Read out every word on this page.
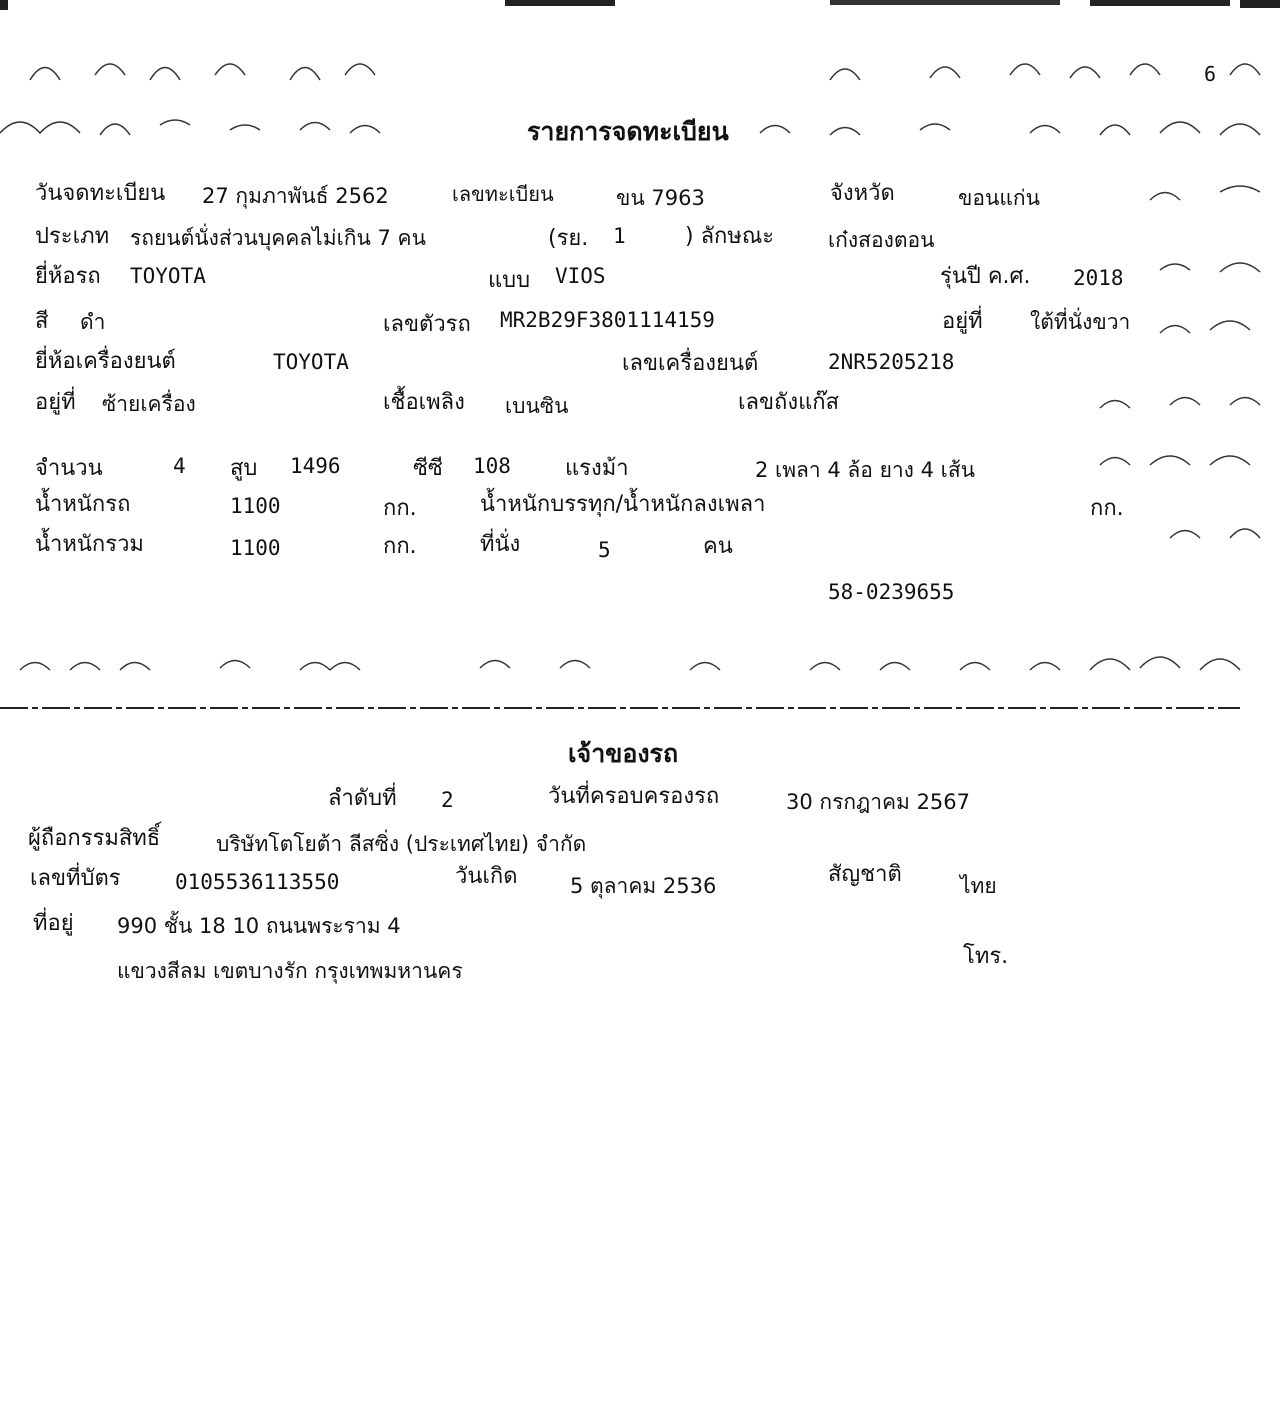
6
รายการจดทะเบียน
วันจดทะเบียน 27 กุมภาพันธ์ 2562	เลขทะเบียน	ขน 7963	จังหวัด	ขอนแก่น
ประเภท รถยนต์นั่งส่วนบุคคลไม่เกิน 7 คน	(รย. 1	) ลักษณะ	เก๋งสองตอน
ยี่ห้อรถ TOYOTA	แบบ VIOS	รุ่นปี ค.ศ. 2018
สี ดำ	เลขตัวรถ MR2B29F3801114159	อยู่ที่ ใต้ที่นั่งขวา
ยี่ห้อเครื่องยนต์	TOYOTA	เลขเครื่องยนต์	2NR5205218
อยู่ที่ ซ้ายเครื่อง	เชื้อเพลิง เบนซิน	เลขถังแก๊ส
จำนวน	4 สูบ 1496	ซีซี 108 แรงม้า	2 เพลา 4 ล้อ ยาง 4 เส้น
น้ำหนักรถ	1100	กก.	น้ำหนักบรรทุก/น้ำหนักลงเพลา	กก.
น้ำหนักรวม	1100	กก.	ที่นั่ง	5	คน
58-0239655
เจ้าของรถ
ลำดับที่ 2	วันที่ครอบครองรถ	30 กรกฎาคม 2567
ผู้ถือกรรมสิทธิ์	บริษัทโตโยต้า ลีสซิ่ง (ประเทศไทย) จำกัด
เลขที่บัตร	0105536113550	วันเกิด 5 ตุลาคม 2536	สัญชาติ	ไทย
ที่อยู่ 990 ชั้น 18 10 ถนนพระราม 4
แขวงสีลม เขตบางรัก กรุงเทพมหานคร
โทร.
